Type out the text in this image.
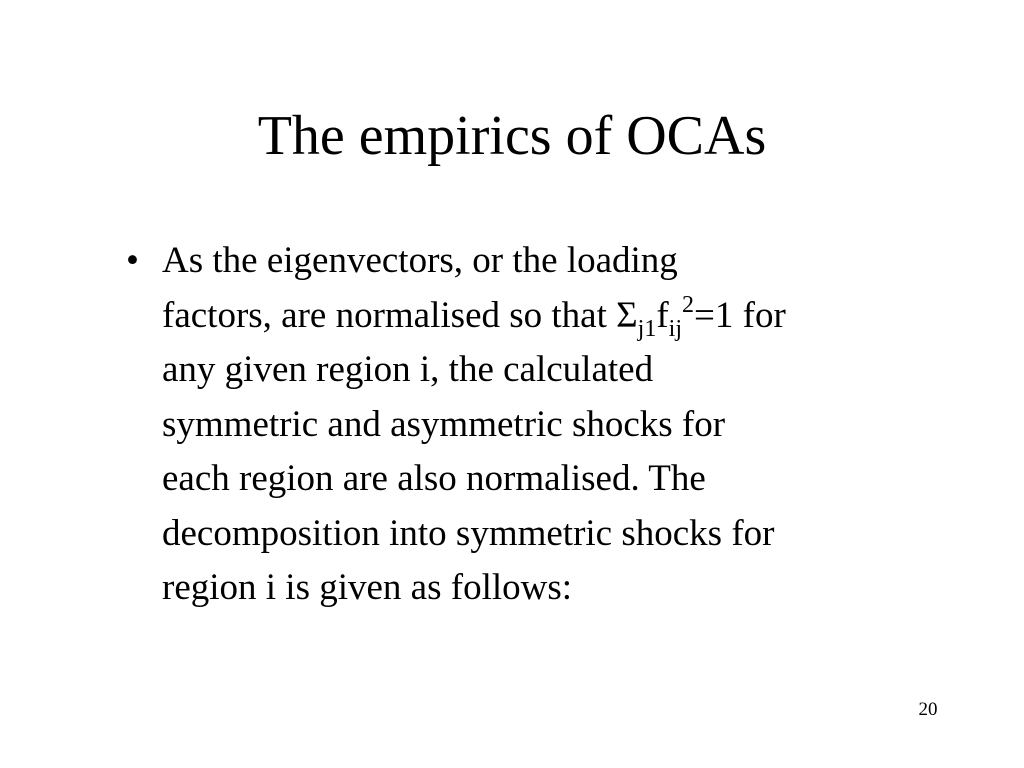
The empirics of OCAs
• As the eigenvectors, or the loading
factors, are normalised so that $\Sigma_{j1}f_{ij}^2=1$ for
any given region i, the calculated
symmetric and asymmetric shocks for
each region are also normalised. The
decomposition into symmetric shocks for
region i is given as follows:
20
